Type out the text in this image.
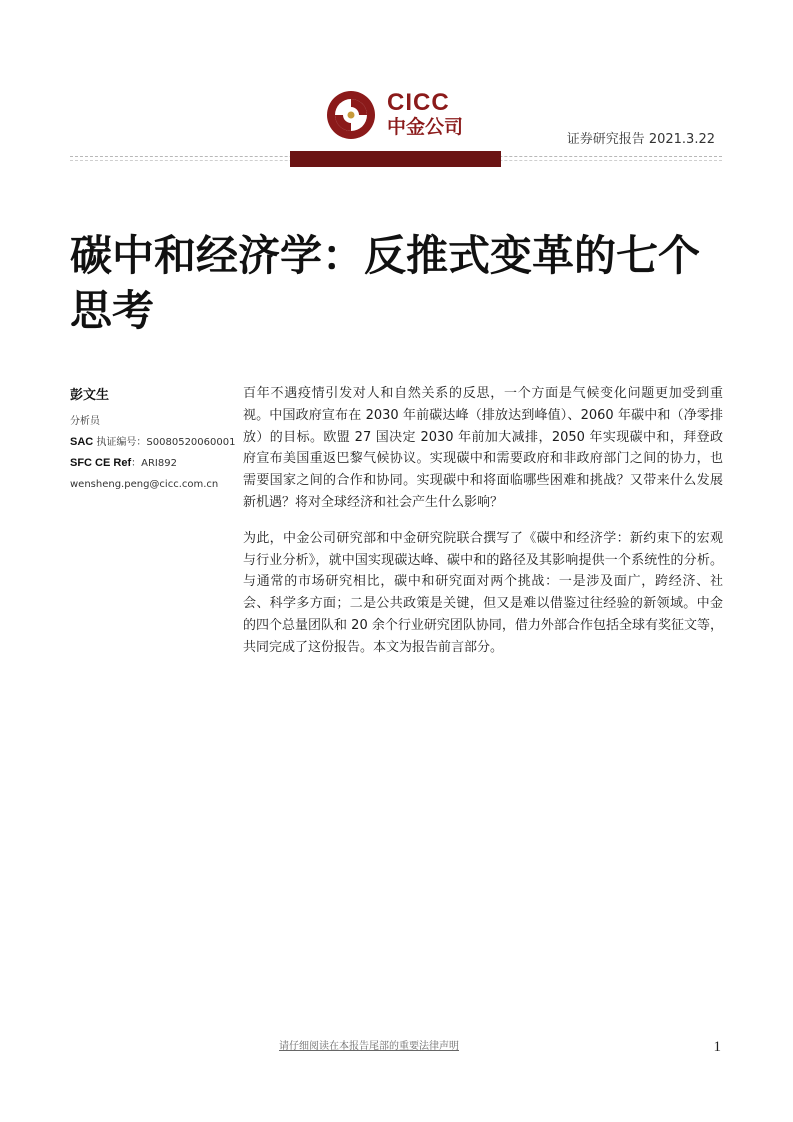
CICC
中金公司
证券研究报告 2021.3.22
碳中和经济学：反推式变革的七个思考
彭文生
分析员
SAC 执证编号：S0080520060001
SFC CE Ref：ARI892
wensheng.peng@cicc.com.cn

百年不遇疫情引发对人和自然关系的反思，一个方面是气候变化问题更加受到重视。中国政府宣布在 2030 年前碳达峰（排放达到峰值）、2060 年碳中和（净零排放）的目标。欧盟 27 国决定 2030 年前加大减排，2050 年实现碳中和，拜登政府宣布美国重返巴黎气候协议。实现碳中和需要政府和非政府部门之间的协力，也需要国家之间的合作和协同。实现碳中和将面临哪些困难和挑战？又带来什么发展新机遇？将对全球经济和社会产生什么影响？

为此，中金公司研究部和中金研究院联合撰写了《碳中和经济学：新约束下的宏观与行业分析》，就中国实现碳达峰、碳中和的路径及其影响提供一个系统性的分析。与通常的市场研究相比，碳中和研究面对两个挑战：一是涉及面广，跨经济、社会、科学多方面；二是公共政策是关键，但又是难以借鉴过往经验的新领域。中金的四个总量团队和 20 余个行业研究团队协同，借力外部合作包括全球有奖征文等，共同完成了这份报告。本文为报告前言部分。

请仔细阅读在本报告尾部的重要法律声明	1
